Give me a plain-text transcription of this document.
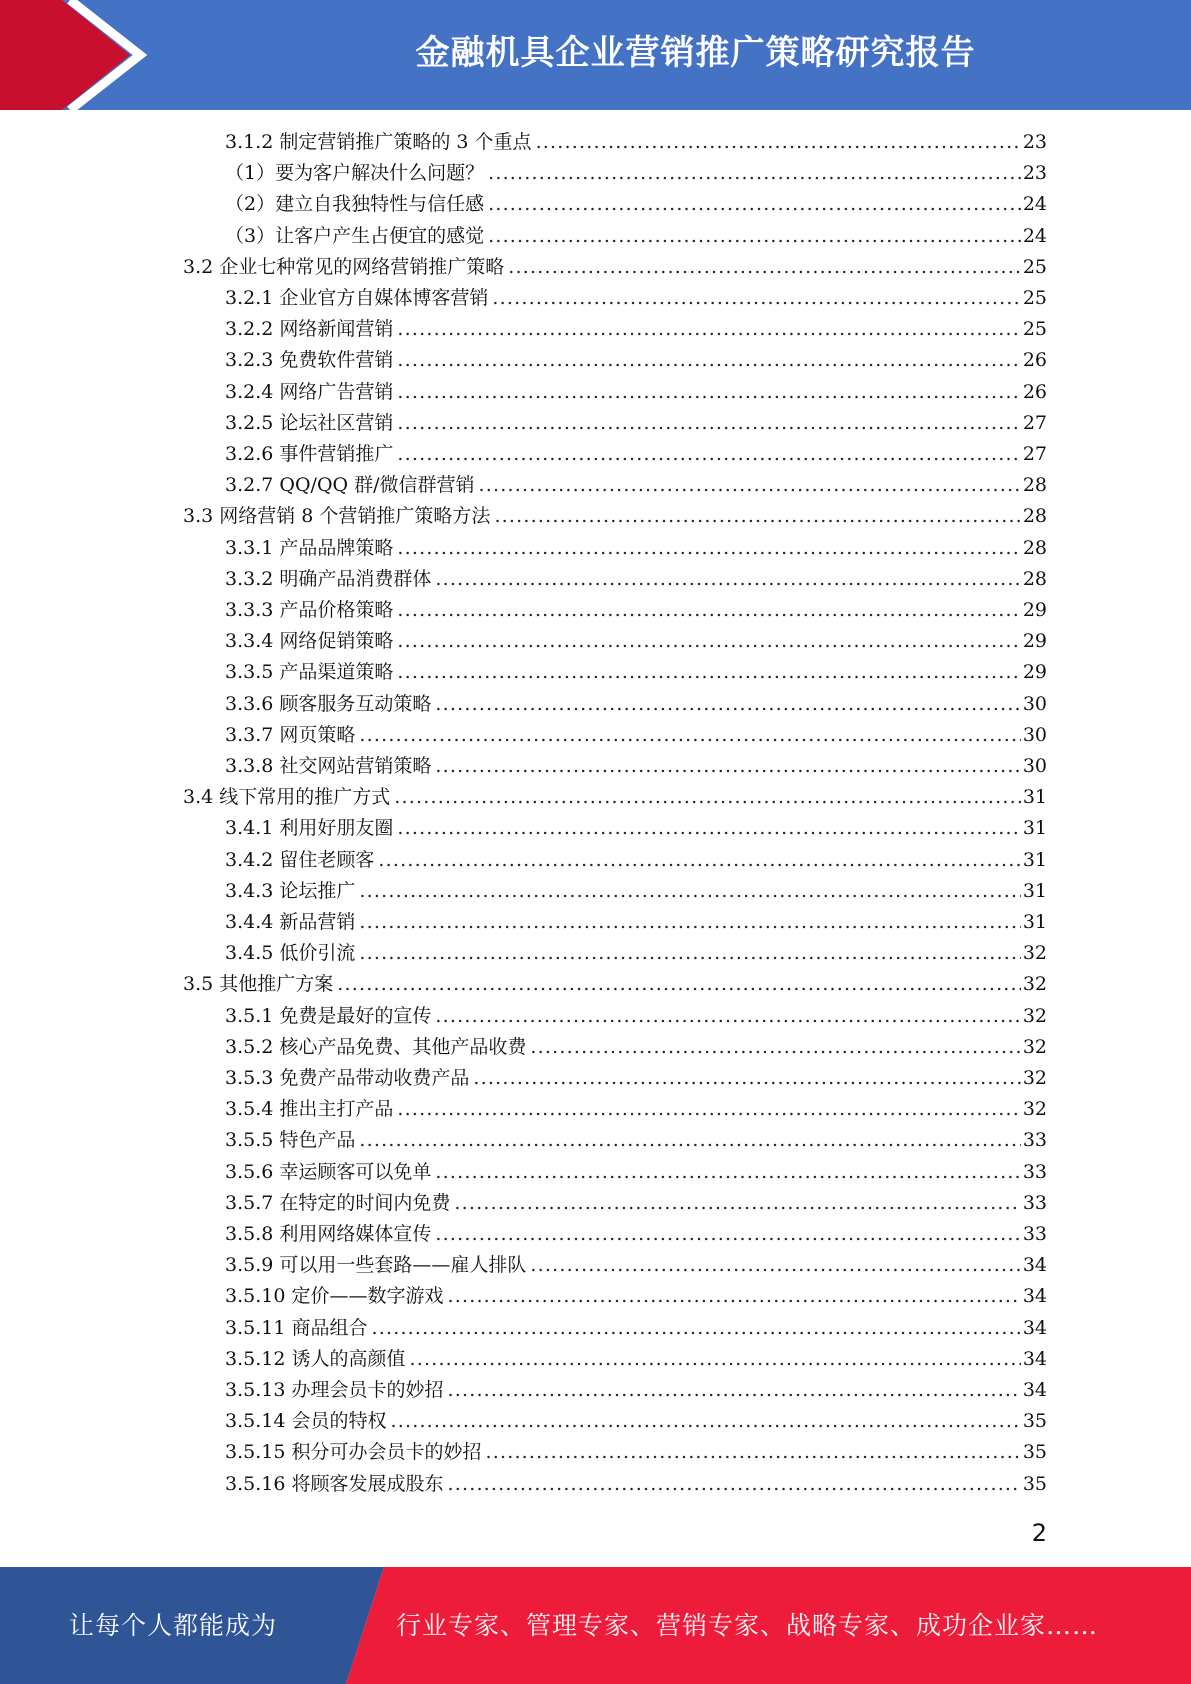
金融机具企业营销推广策略研究报告
3.1.2 制定营销推广策略的 3 个重点 .....	23
（1）要为客户解决什么问题？ .....	23
（2）建立自我独特性与信任感 .....	24
（3）让客户产生占便宜的感觉 .....	24
3.2 企业七种常见的网络营销推广策略 .....	25
3.2.1 企业官方自媒体博客营销 .....	25
3.2.2 网络新闻营销 .....	25
3.2.3 免费软件营销 .....	26
3.2.4 网络广告营销 .....	26
3.2.5 论坛社区营销 .....	27
3.2.6 事件营销推广 .....	27
3.2.7 QQ/QQ 群/微信群营销 .....	28
3.3 网络营销 8 个营销推广策略方法 .....	28
3.3.1 产品品牌策略 .....	28
3.3.2 明确产品消费群体 .....	28
3.3.3 产品价格策略 .....	29
3.3.4 网络促销策略 .....	29
3.3.5 产品渠道策略 .....	29
3.3.6 顾客服务互动策略 .....	30
3.3.7 网页策略 .....	30
3.3.8 社交网站营销策略 .....	30
3.4 线下常用的推广方式 .....	31
3.4.1 利用好朋友圈 .....	31
3.4.2 留住老顾客 .....	31
3.4.3 论坛推广 .....	31
3.4.4 新品营销 .....	31
3.4.5 低价引流 .....	32
3.5 其他推广方案 .....	32
3.5.1 免费是最好的宣传 .....	32
3.5.2 核心产品免费、其他产品收费 .....	32
3.5.3 免费产品带动收费产品 .....	32
3.5.4 推出主打产品 .....	32
3.5.5 特色产品 .....	33
3.5.6 幸运顾客可以免单 .....	33
3.5.7 在特定的时间内免费 .....	33
3.5.8 利用网络媒体宣传 .....	33
3.5.9 可以用一些套路——雇人排队 .....	34
3.5.10 定价——数字游戏 .....	34
3.5.11 商品组合 .....	34
3.5.12 诱人的高颜值 .....	34
3.5.13 办理会员卡的妙招 .....	34
3.5.14 会员的特权 .....	35
3.5.15 积分可办会员卡的妙招 .....	35
3.5.16 将顾客发展成股东 .....	35
2
让每个人都能成为	行业专家、管理专家、营销专家、战略专家、成功企业家……
